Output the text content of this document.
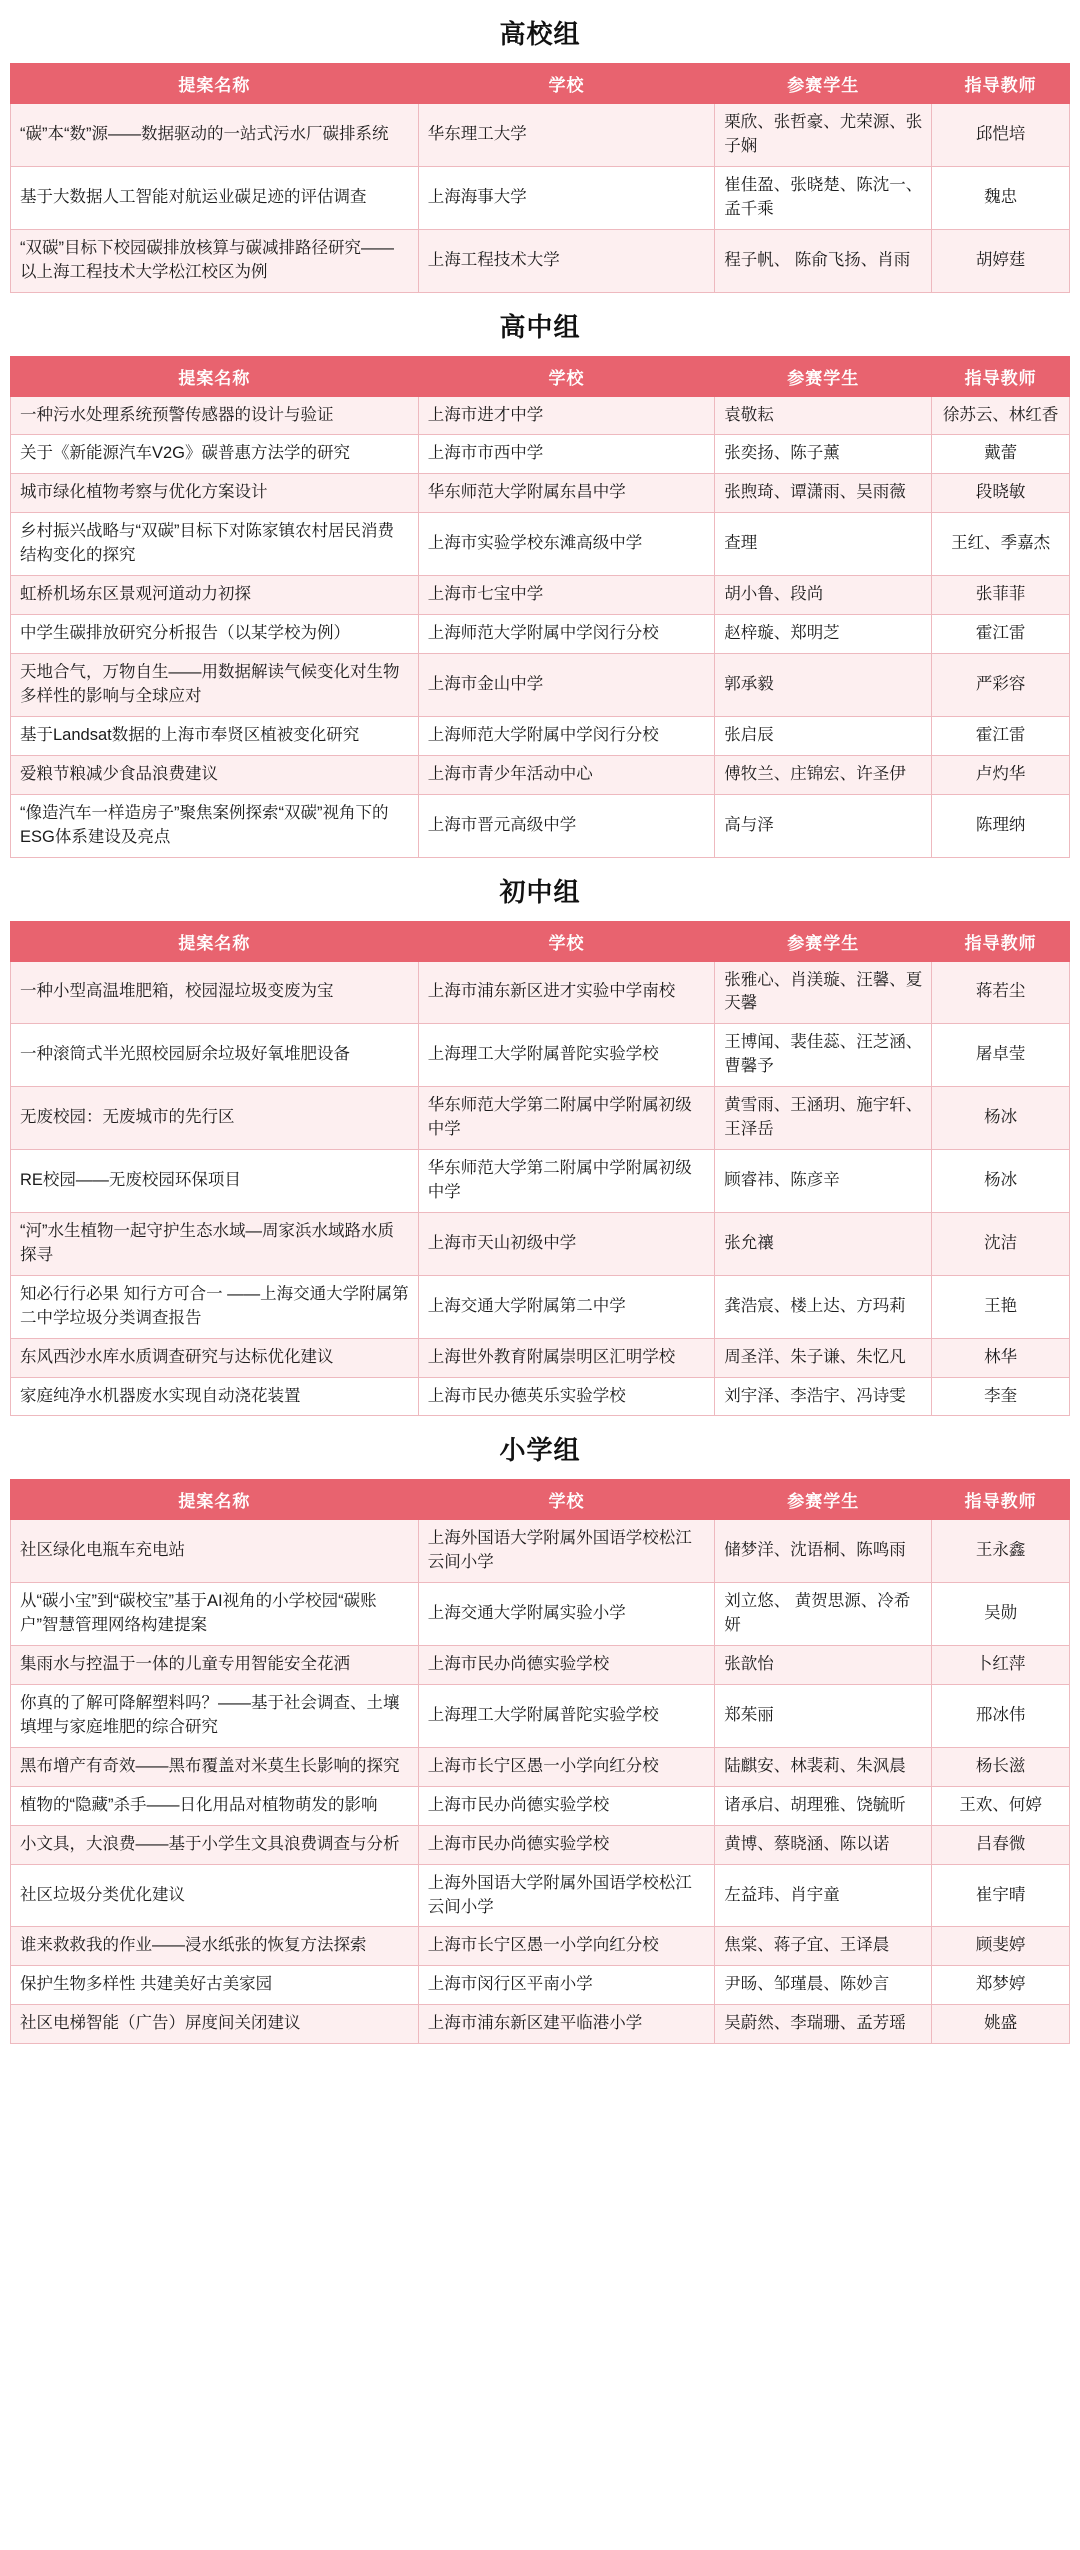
高校组
提案名称	学校	参赛学生	指导教师
“碳”本“数”源——数据驱动的一站式污水厂碳排系统	华东理工大学	栗欣、张哲豪、尤荣源、张子娴	邱恺培
基于大数据人工智能对航运业碳足迹的评估调查	上海海事大学	崔佳盈、张晓楚、陈沈一、孟千乘	魏忠
“双碳”目标下校园碳排放核算与碳减排路径研究——以上海工程技术大学松江校区为例	上海工程技术大学	程子帆、 陈俞飞扬、肖雨	胡婷莛
高中组
提案名称	学校	参赛学生	指导教师
一种污水处理系统预警传感器的设计与验证	上海市进才中学	袁敬耘	徐苏云、林红香
关于《新能源汽车V2G》碳普惠方法学的研究	上海市市西中学	张奕扬、陈子薰	戴蕾
城市绿化植物考察与优化方案设计	华东师范大学附属东昌中学	张煦琦、谭潇雨、吴雨薇	段晓敏
乡村振兴战略与“双碳”目标下对陈家镇农村居民消费结构变化的探究	上海市实验学校东滩高级中学	查理	王红、季嘉杰
虹桥机场东区景观河道动力初探	上海市七宝中学	胡小鲁、段尚	张菲菲
中学生碳排放研究分析报告（以某学校为例）	上海师范大学附属中学闵行分校	赵梓璇、郑明芝	霍江雷
天地合气，万物自生——用数据解读气候变化对生物多样性的影响与全球应对	上海市金山中学	郭承毅	严彩容
基于Landsat数据的上海市奉贤区植被变化研究	上海师范大学附属中学闵行分校	张启辰	霍江雷
爱粮节粮减少食品浪费建议	上海市青少年活动中心	傅牧兰、庄锦宏、许圣伊	卢灼华
“像造汽车一样造房子”聚焦案例探索“双碳”视角下的ESG体系建设及亮点	上海市晋元高级中学	高与泽	陈理纳
初中组
提案名称	学校	参赛学生	指导教师
一种小型高温堆肥箱，校园湿垃圾变废为宝	上海市浦东新区进才实验中学南校	张雅心、肖渼璇、汪馨、夏天馨	蒋若尘
一种滚筒式半光照校园厨余垃圾好氧堆肥设备	上海理工大学附属普陀实验学校	王博闻、裴佳蕊、汪芝涵、曹馨予	屠卓莹
无废校园：无废城市的先行区	华东师范大学第二附属中学附属初级中学	黄雪雨、王涵玥、施宇轩、王泽岳	杨冰
RE校园——无废校园环保项目	华东师范大学第二附属中学附属初级中学	顾睿祎、陈彦辛	杨冰
“河”水生植物一起守护生态水域—周家浜水域路水质探寻	上海市天山初级中学	张允禳	沈洁
知必行行必果 知行方可合一 ——上海交通大学附属第二中学垃圾分类调查报告	上海交通大学附属第二中学	龚浩宸、楼上达、方玛莉	王艳
东风西沙水库水质调查研究与达标优化建议	上海世外教育附属崇明区汇明学校	周圣洋、朱子谦、朱忆凡	林华
家庭纯净水机器废水实现自动浇花装置	上海市民办德英乐实验学校	刘宇泽、李浩宇、冯诗雯	李奎
小学组
提案名称	学校	参赛学生	指导教师
社区绿化电瓶车充电站	上海外国语大学附属外国语学校松江云间小学	储梦洋、沈语桐、陈鸣雨	王永鑫
从“碳小宝”到“碳校宝”基于AI视角的小学校园“碳账户”智慧管理网络构建提案	上海交通大学附属实验小学	刘立悠、 黄贺思源、冷希妍	吴勋
集雨水与控温于一体的儿童专用智能安全花洒	上海市民办尚德实验学校	张歆怡	卜红萍
你真的了解可降解塑料吗？——基于社会调查、土壤填埋与家庭堆肥的综合研究	上海理工大学附属普陀实验学校	郑茱丽	邢冰伟
黑布增产有奇效——黑布覆盖对米莫生长影响的探究	上海市长宁区愚一小学向红分校	陆麒安、林裴莉、朱沨晨	杨长滋
植物的“隐藏”杀手——日化用品对植物萌发的影响	上海市民办尚德实验学校	诸承启、胡理雅、饶毓昕	王欢、何婷
小文具，大浪费——基于小学生文具浪费调查与分析	上海市民办尚德实验学校	黄博、蔡晓涵、陈以诺	吕春微
社区垃圾分类优化建议	上海外国语大学附属外国语学校松江云间小学	左益玮、肖宇童	崔宇晴
谁来救救我的作业——浸水纸张的恢复方法探索	上海市长宁区愚一小学向红分校	焦棠、蒋子宜、王译晨	顾斐婷
保护生物多样性 共建美好古美家园	上海市闵行区平南小学	尹旸、邹瑾晨、陈妙言	郑梦婷
社区电梯智能（广告）屏度间关闭建议	上海市浦东新区建平临港小学	吴蔚然、李瑞珊、孟芳瑶	姚盛
